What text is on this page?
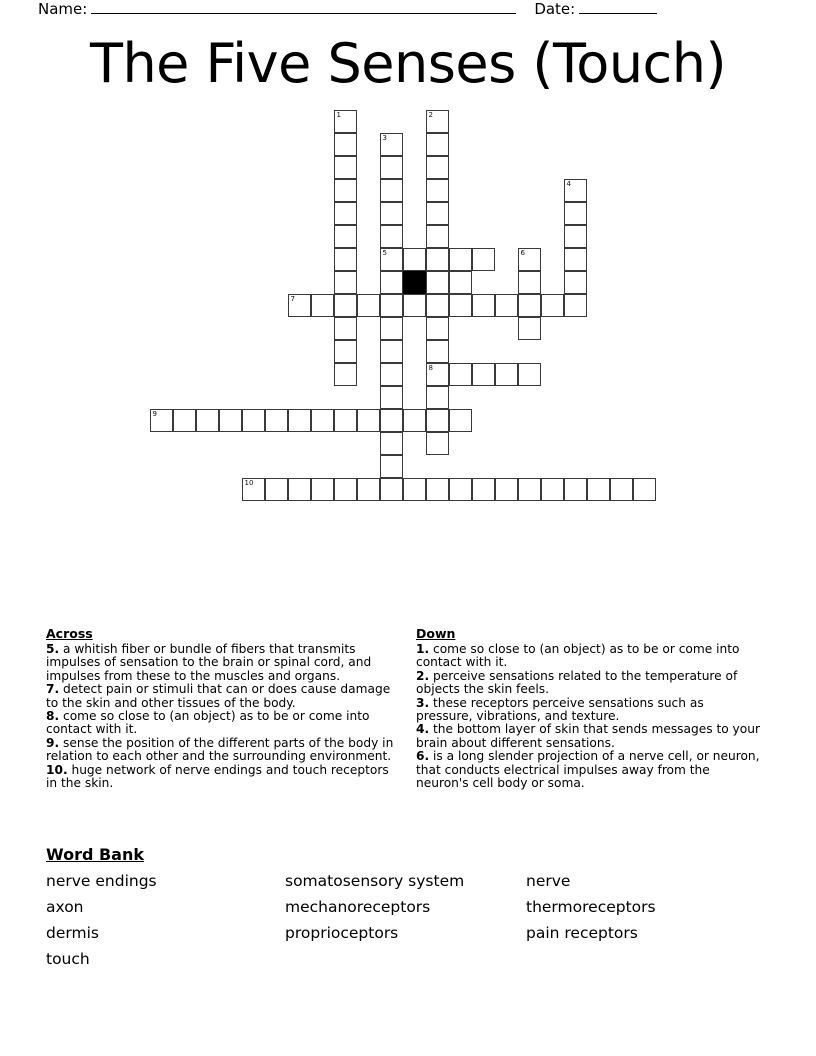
Name:	Date:
The Five Senses (Touch)
1	2
3
5
4
6
7
8
9
10
Across

5. a whitish fiber or bundle of fibers that transmits impulses of sensation to the brain or spinal cord, and impulses from these to the muscles and organs.

7. detect pain or stimuli that can or does cause damage to the skin and other tissues of the body.

8. come so close to (an object) as to be or come into contact with it.

9. sense the position of the different parts of the body in relation to each other and the surrounding environment.

10. huge network of nerve endings and touch receptors in the skin.

Down

1. come so close to (an object) as to be or come into contact with it.

2. perceive sensations related to the temperature of objects the skin feels.

3. these receptors perceive sensations such as pressure, vibrations, and texture.

4. the bottom layer of skin that sends messages to your brain about different sensations.

6. is a long slender projection of a nerve cell, or neuron, that conducts electrical impulses away from the neuron's cell body or soma.

Word Bank
nerve endings	somatosensory system	nerve
axon	mechanoreceptors	thermoreceptors
dermis	proprioceptors	pain receptors
touch
